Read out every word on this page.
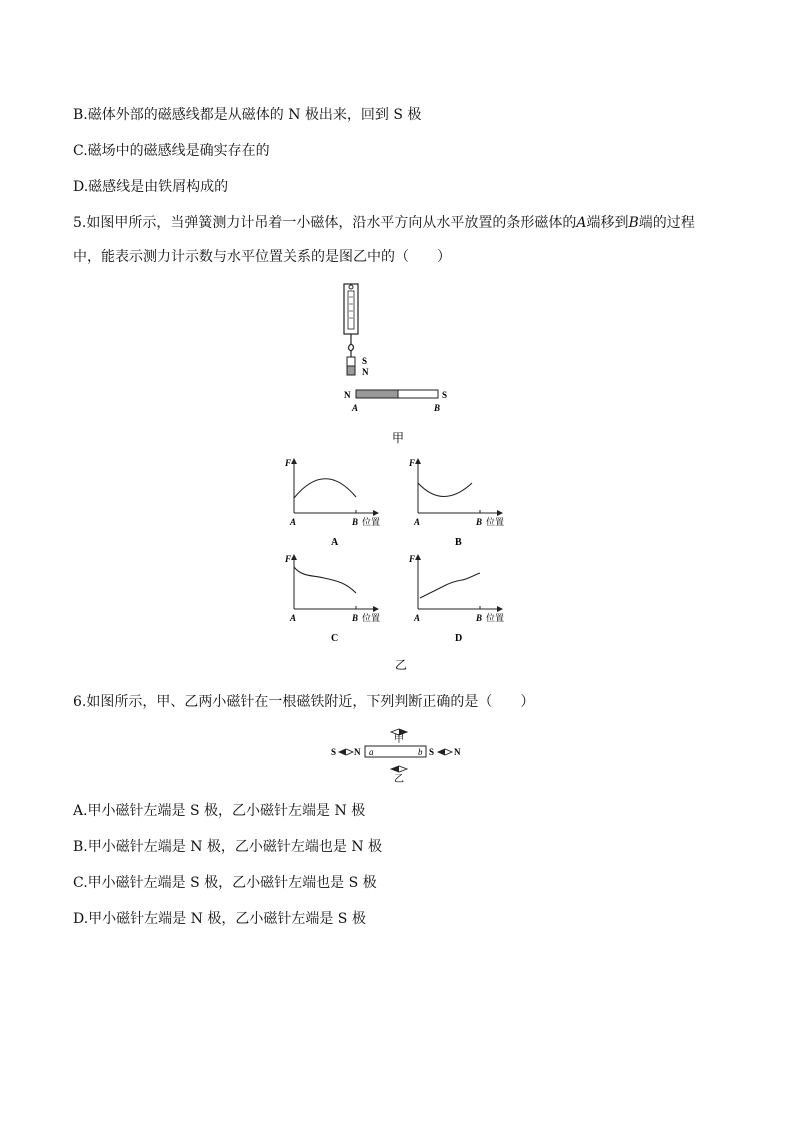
B.磁体外部的磁感线都是从磁体的 N 极出来，回到 S 极
C.磁场中的磁感线是确实存在的
D.磁感线是由铁屑构成的
5.如图甲所示，当弹簧测力计吊着一小磁体，沿水平方向从水平放置的条形磁体的A端移到B端的过程
中，能表示测力计示数与水平位置关系的是图乙中的（　　）
S
N
N	S
A	B
甲
F
A	B 位置
A
F
A	B 位置
B
F
A	B 位置
C
F
A	B 位置
D
乙
6.如图所示，甲、乙两小磁针在一根磁铁附近，下列判断正确的是（　　）
甲
S N a	b S N
乙
A.甲小磁针左端是 S 极，乙小磁针左端是 N 极
B.甲小磁针左端是 N 极，乙小磁针左端也是 N 极
C.甲小磁针左端是 S 极，乙小磁针左端也是 S 极
D.甲小磁针左端是 N 极，乙小磁针左端是 S 极
